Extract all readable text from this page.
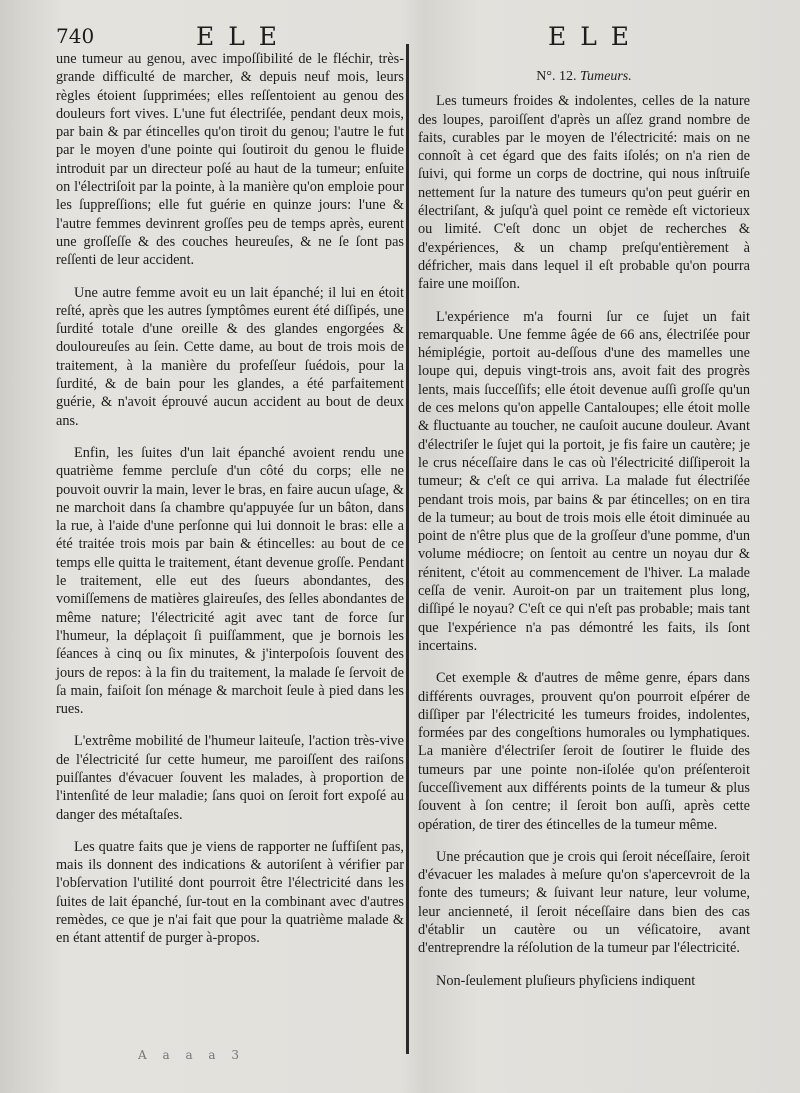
740	E L E	E L E

une tumeur au genou, avec impoſſibilité de le fléchir, très-grande difficulté de marcher, & depuis neuf mois, leurs règles étoient ſupprimées; elles reſſentoient au genou des douleurs fort vives. L'une fut électriſée, pendant deux mois, par bain & par étincelles qu'on tiroit du genou; l'autre le fut par le moyen d'une pointe qui ſoutiroit du genou le fluide introduit par un directeur poſé au haut de la tumeur; enſuite on l'électriſoit par la pointe, à la manière qu'on emploie pour les ſuppreſſions; elle fut guérie en quinze jours: l'une & l'autre femmes devinrent groſſes peu de temps après, eurent une groſſeſſe & des couches heureuſes, & ne ſe ſont pas reſſenti de leur accident.

Une autre femme avoit eu un lait épanché; il lui en étoit reſté, après que les autres ſymptômes eurent été diſſipés, une ſurdité totale d'une oreille & des glandes engorgées & douloureuſes au ſein. Cette dame, au bout de trois mois de traitement, à la manière du profeſſeur ſuédois, pour la ſurdité, & de bain pour les glandes, a été parfaitement guérie, & n'avoit éprouvé aucun accident au bout de deux ans.

Enfin, les ſuites d'un lait épanché avoient rendu une quatrième femme percluſe d'un côté du corps; elle ne pouvoit ouvrir la main, lever le bras, en faire aucun uſage, & ne marchoit dans ſa chambre qu'appuyée ſur un bâton, dans la rue, à l'aide d'une perſonne qui lui donnoit le bras: elle a été traitée trois mois par bain & étincelles: au bout de ce temps elle quitta le traitement, étant devenue groſſe. Pendant le traitement, elle eut des ſueurs abondantes, des vomiſſemens de matières glaireuſes, des ſelles abondantes de même nature; l'électricité agit avec tant de force ſur l'humeur, la déplaçoit ſi puiſſamment, que je bornois les ſéances à cinq ou ſix minutes, & j'interpoſois ſouvent des jours de repos: à la fin du traitement, la malade ſe ſervoit de ſa main, faiſoit ſon ménage & marchoit ſeule à pied dans les rues.

L'extrême mobilité de l'humeur laiteuſe, l'action très-vive de l'électricité ſur cette humeur, me paroiſſent des raiſons puiſſantes d'évacuer ſouvent les malades, à proportion de l'intenſité de leur maladie; ſans quoi on ſeroit fort expoſé au danger des métaſtaſes.

Les quatre faits que je viens de rapporter ne ſuffiſent pas, mais ils donnent des indications & autoriſent à vérifier par l'obſervation l'utilité dont pourroit être l'électricité dans les ſuites de lait épanché, ſur-tout en la combinant avec d'autres remèdes, ce que je n'ai fait que pour la quatrième malade & en étant attentif de purger à-propos.

N°. 12. Tumeurs.

Les tumeurs froides & indolentes, celles de la nature des loupes, paroiſſent d'après un aſſez grand nombre de faits, curables par le moyen de l'électricité: mais on ne connoît à cet égard que des faits iſolés; on n'a rien de ſuivi, qui forme un corps de doctrine, qui nous inſtruiſe nettement ſur la nature des tumeurs qu'on peut guérir en électriſant, & juſqu'à quel point ce remède eſt victorieux ou limité. C'eſt donc un objet de recherches & d'expériences, & un champ preſqu'entièrement à défricher, mais dans lequel il eſt probable qu'on pourra faire une moiſſon.

L'expérience m'a fourni ſur ce ſujet un fait remarquable. Une femme âgée de 66 ans, électriſée pour hémiplégie, portoit au-deſſous d'une des mamelles une loupe qui, depuis vingt-trois ans, avoit fait des progrès lents, mais ſucceſſifs; elle étoit devenue auſſi groſſe qu'un de ces melons qu'on appelle Cantaloupes; elle étoit molle & fluctuante au toucher, ne cauſoit aucune douleur. Avant d'électriſer le ſujet qui la portoit, je fis faire un cautère; je le crus néceſſaire dans le cas où l'électricité diſſiperoit la tumeur; & c'eſt ce qui arriva. La malade fut électriſée pendant trois mois, par bains & par étincelles; on en tira de la tumeur; au bout de trois mois elle étoit diminuée au point de n'être plus que de la groſſeur d'une pomme, d'un volume médiocre; on ſentoit au centre un noyau dur & rénitent, c'étoit au commencement de l'hiver. La malade ceſſa de venir. Auroit-on par un traitement plus long, diſſipé le noyau? C'eſt ce qui n'eſt pas probable; mais tant que l'expérience n'a pas démontré les faits, ils ſont incertains.

Cet exemple & d'autres de même genre, épars dans différents ouvrages, prouvent qu'on pourroit eſpérer de diſſiper par l'électricité les tumeurs froides, indolentes, formées par des congeſtions humorales ou lymphatiques. La manière d'électriſer ſeroit de ſoutirer le fluide des tumeurs par une pointe non-iſolée qu'on préſenteroit ſucceſſivement aux différents points de la tumeur & plus ſouvent à ſon centre; il ſeroit bon auſſi, après cette opération, de tirer des étincelles de la tumeur même.

Une précaution que je crois qui ſeroit néceſſaire, ſeroit d'évacuer les malades à meſure qu'on s'apercevroit de la fonte des tumeurs; & ſuivant leur nature, leur volume, leur ancienneté, il ſeroit néceſſaire dans bien des cas d'établir un cautère ou un véſicatoire, avant d'entreprendre la réſolution de la tumeur par l'électricité.

Non-ſeulement pluſieurs phyſiciens indiquent

A a a a 3
